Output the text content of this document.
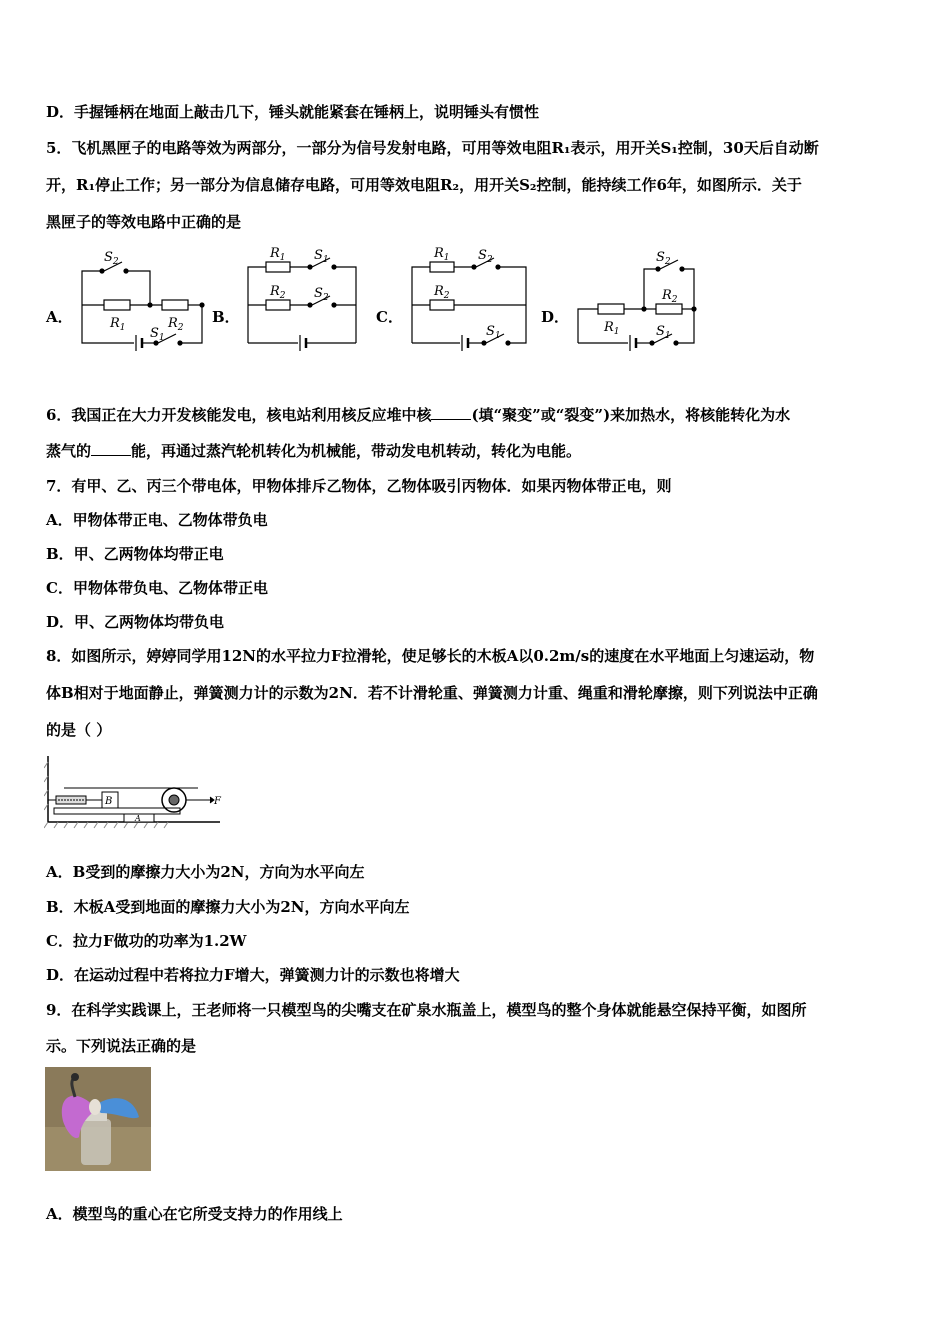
D．手握锤柄在地面上敲击几下，锤头就能紧套在锤柄上，说明锤头有惯性
5．飞机黑匣子的电路等效为两部分，一部分为信号发射电路，可用等效电阻R₁表示，用开关S₁控制，30天后自动断
开，R₁停止工作；另一部分为信息储存电路，可用等效电阻R₂，用开关S₂控制，能持续工作6年，如图所示．关于
黑匣子的等效电路中正确的是
A．	B．	C．	D．
$S_2$
$R_1$	$R_2$
$S_1$
$R_1$ $S_1$
$R_2$ $S_2$
$R_1$ $S_2$
$R_2$
$S_1$
$R_1$
$S_2$
$R_2$
$S_1$
6．我国正在大力开发核能发电，核电站利用核反应堆中核	(填“聚变”或“裂变”)来加热水，将核能转化为水
蒸气的	能，再通过蒸汽轮机转化为机械能，带动发电机转动，转化为电能。
7．有甲、乙、丙三个带电体，甲物体排斥乙物体，乙物体吸引丙物体．如果丙物体带正电，则
A．甲物体带正电、乙物体带负电
B．甲、乙两物体均带正电
C．甲物体带负电、乙物体带正电
D．甲、乙两物体均带负电
8．如图所示，婷婷同学用12N的水平拉力F拉滑轮，使足够长的木板A以0.2m/s的速度在水平地面上匀速运动，物
体B相对于地面静止，弹簧测力计的示数为2N．若不计滑轮重、弹簧测力计重、绳重和滑轮摩擦，则下列说法中正确
的是（ ）
B
A
F
A．B受到的摩擦力大小为2N，方向为水平向左
B．木板A受到地面的摩擦力大小为2N，方向水平向左
C．拉力F做功的功率为1.2W
D．在运动过程中若将拉力F增大，弹簧测力计的示数也将增大
9．在科学实践课上，王老师将一只模型鸟的尖嘴支在矿泉水瓶盖上，模型鸟的整个身体就能悬空保持平衡，如图所
示。下列说法正确的是
A．模型鸟的重心在它所受支持力的作用线上
